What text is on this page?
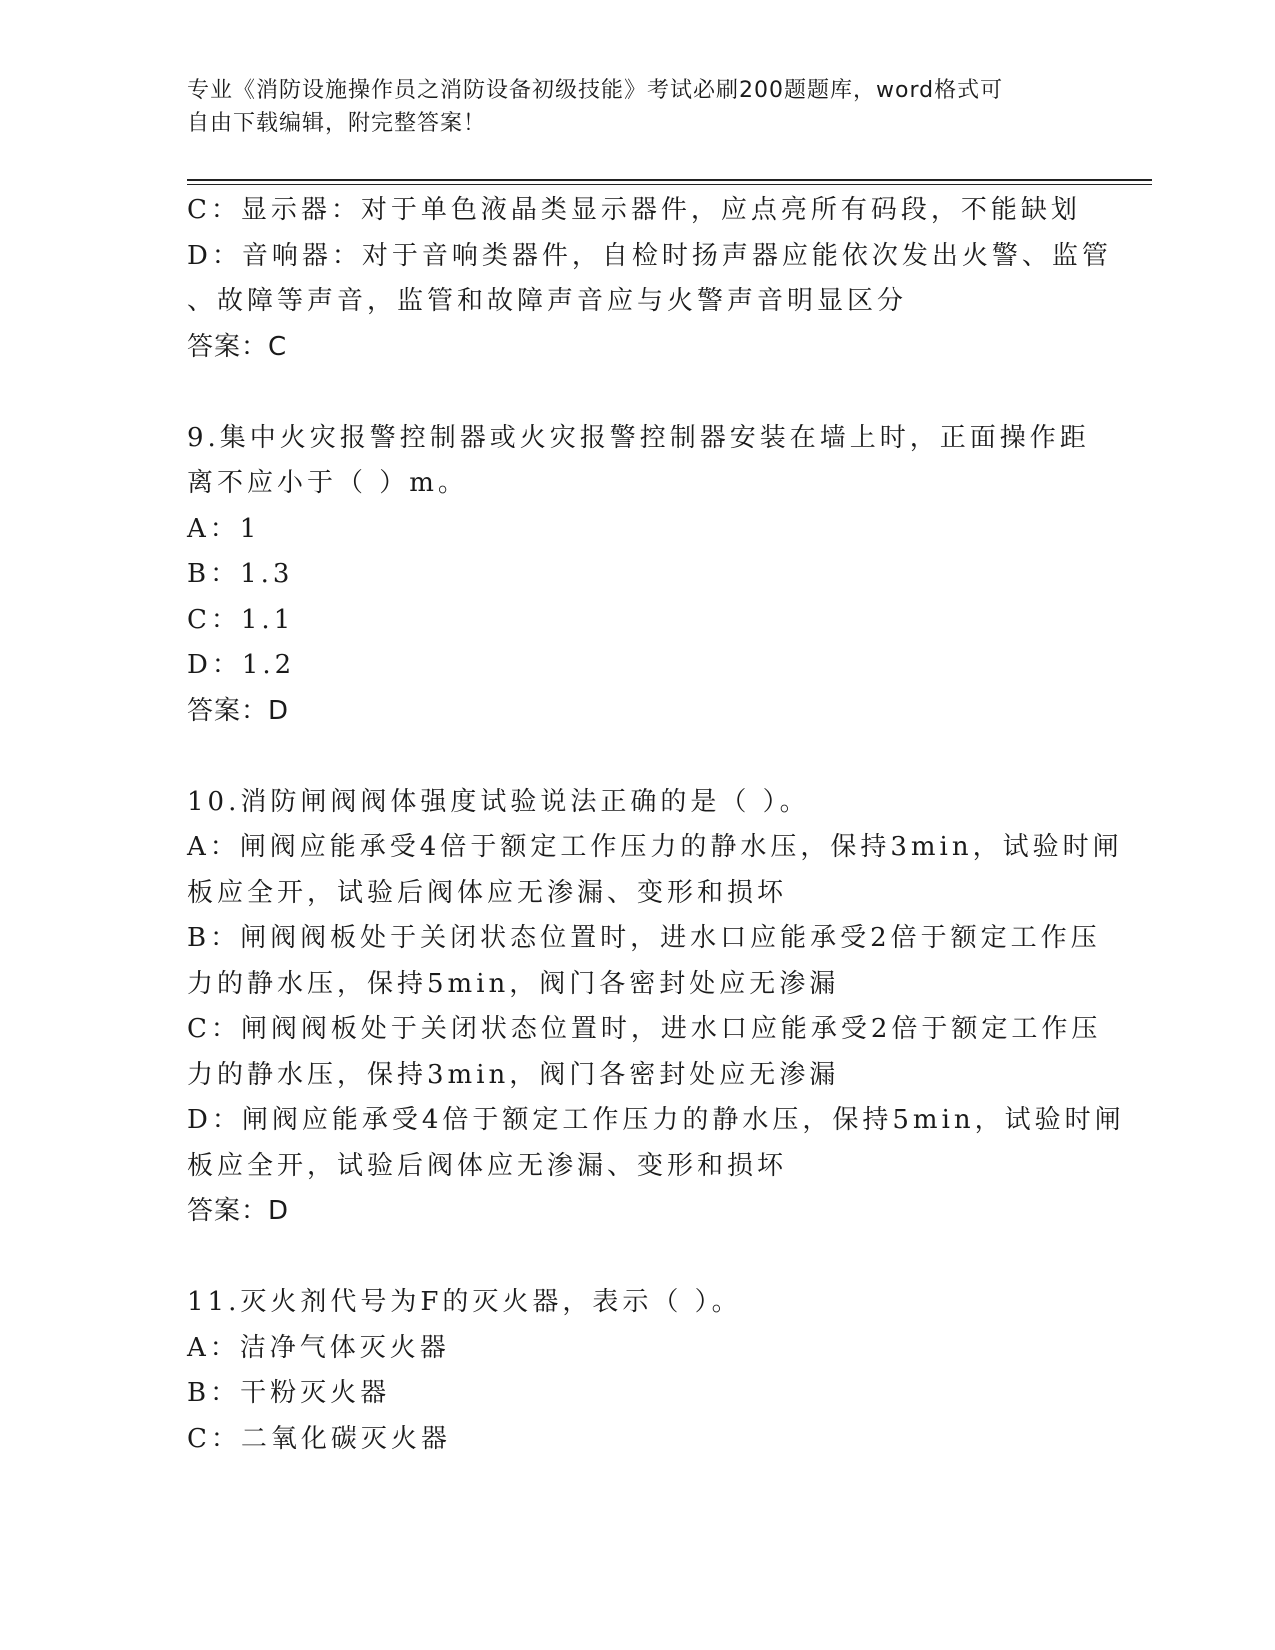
专业《消防设施操作员之消防设备初级技能》考试必刷200题题库，word格式可
自由下载编辑，附完整答案！
C：显示器：对于单色液晶类显示器件，应点亮所有码段，不能缺划
D：音响器：对于音响类器件，自检时扬声器应能依次发出火警、监管
、故障等声音，监管和故障声音应与火警声音明显区分
答案：C
9.集中火灾报警控制器或火灾报警控制器安装在墙上时，正面操作距
离不应小于（ ）m。
A：1
B：1.3
C：1.1
D：1.2
答案：D
10.消防闸阀阀体强度试验说法正确的是（ ）。
A：闸阀应能承受4倍于额定工作压力的静水压，保持3min，试验时闸
板应全开，试验后阀体应无渗漏、变形和损坏
B：闸阀阀板处于关闭状态位置时，进水口应能承受2倍于额定工作压
力的静水压，保持5min，阀门各密封处应无渗漏
C：闸阀阀板处于关闭状态位置时，进水口应能承受2倍于额定工作压
力的静水压，保持3min，阀门各密封处应无渗漏
D：闸阀应能承受4倍于额定工作压力的静水压，保持5min，试验时闸
板应全开，试验后阀体应无渗漏、变形和损坏
答案：D
11.灭火剂代号为F的灭火器，表示（ ）。
A：洁净气体灭火器
B：干粉灭火器
C：二氧化碳灭火器
